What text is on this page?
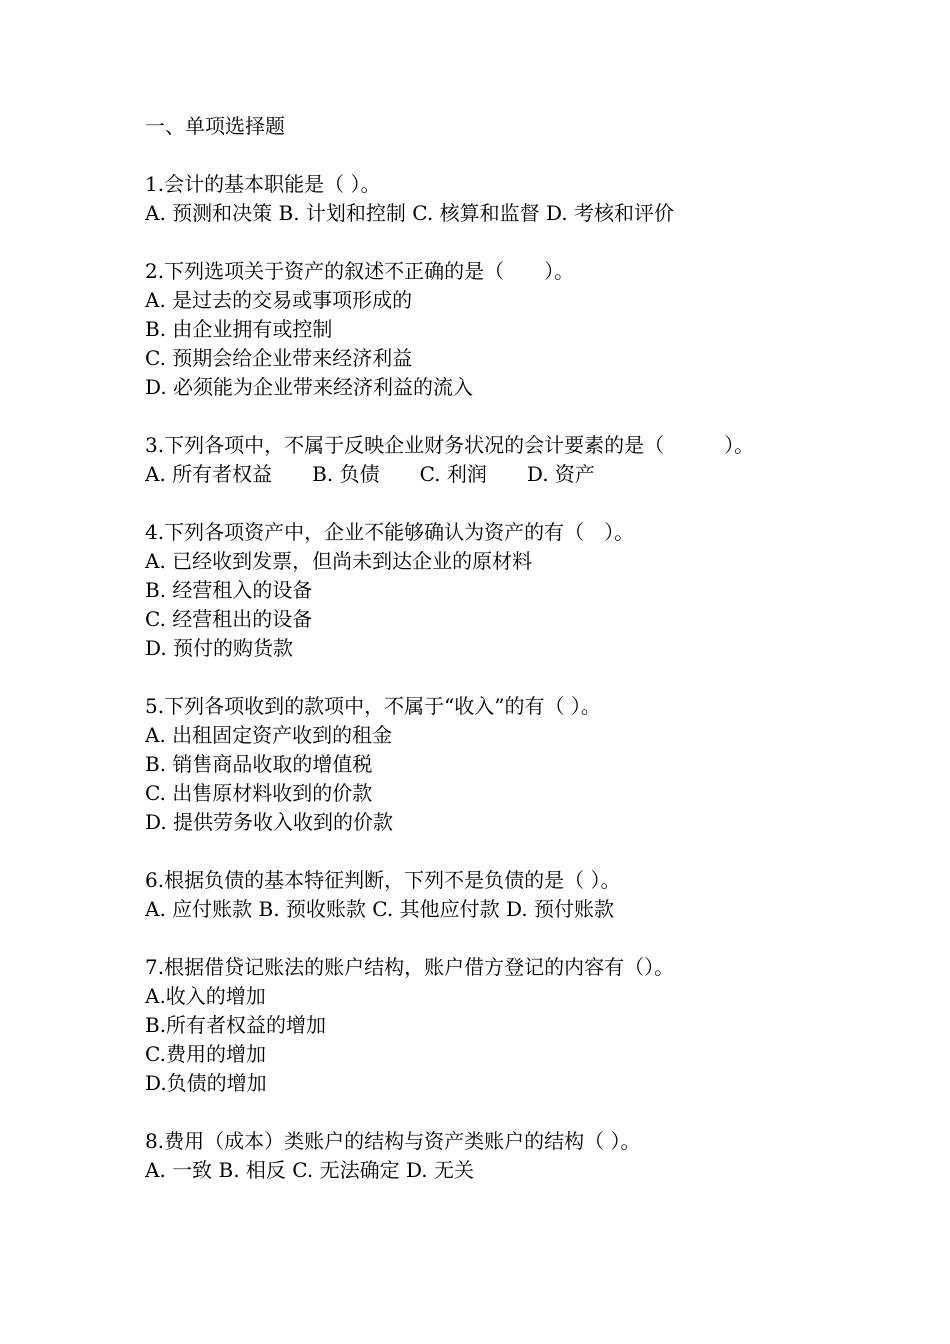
一、单项选择题
1.会计的基本职能是（ ）。
A. 预测和决策 B. 计划和控制 C. 核算和监督 D. 考核和评价
2.下列选项关于资产的叙述不正确的是（　　）。
A. 是过去的交易或事项形成的
B. 由企业拥有或控制
C. 预期会给企业带来经济利益
D. 必须能为企业带来经济利益的流入
3.下列各项中，不属于反映企业财务状况的会计要素的是（　　　）。
A. 所有者权益　　B. 负债　　C. 利润　　D. 资产
4.下列各项资产中，企业不能够确认为资产的有（　）。
A. 已经收到发票，但尚未到达企业的原材料
B. 经营租入的设备
C. 经营租出的设备
D. 预付的购货款
5.下列各项收到的款项中，不属于“收入”的有（ ）。
A. 出租固定资产收到的租金
B. 销售商品收取的增值税
C. 出售原材料收到的价款
D. 提供劳务收入收到的价款
6.根据负债的基本特征判断，下列不是负债的是（ ）。
A. 应付账款 B. 预收账款 C. 其他应付款 D. 预付账款
7.根据借贷记账法的账户结构，账户借方登记的内容有（）。
A.收入的增加
B.所有者权益的增加
C.费用的增加
D.负债的增加
8.费用（成本）类账户的结构与资产类账户的结构（ ）。
A. 一致 B. 相反 C. 无法确定 D. 无关
